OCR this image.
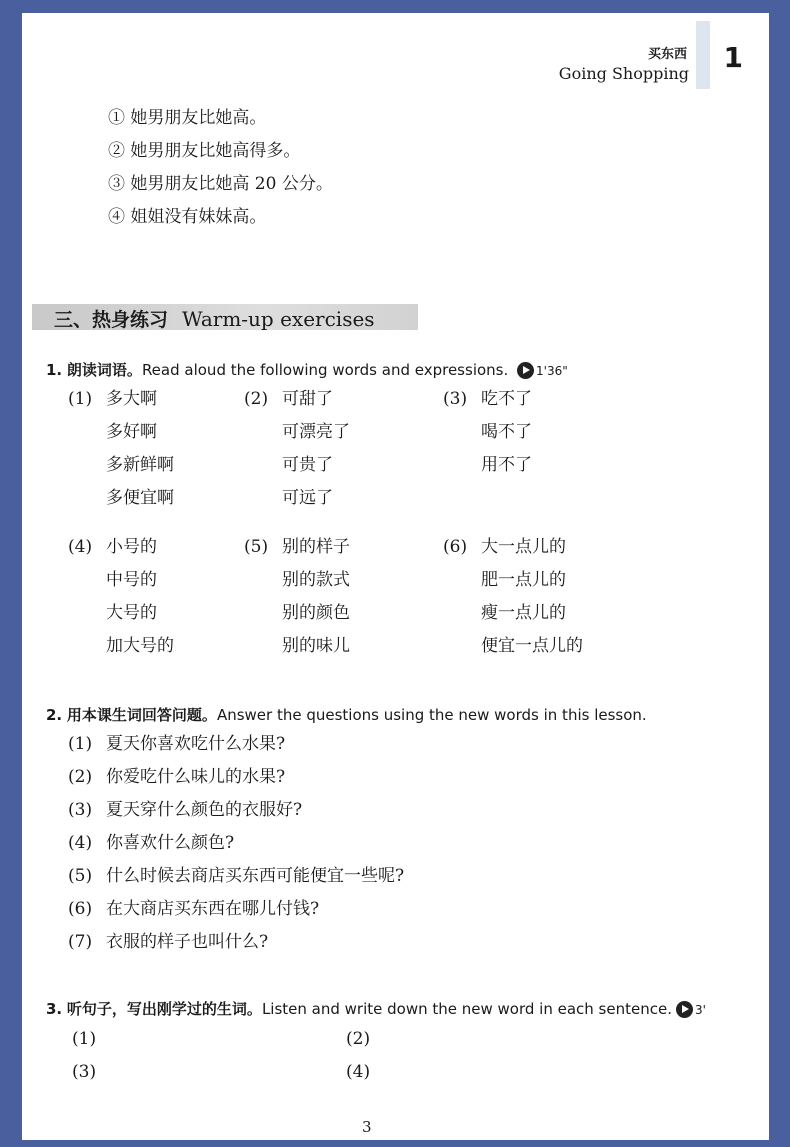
买东西
Going Shopping 1
① 她男朋友比她高。
② 她男朋友比她高得多。
③ 她男朋友比她高 20 公分。
④ 姐姐没有妹妹高。
三、热身练习 Warm-up exercises
1. 朗读词语。Read aloud the following words and expressions. 1'36"
(1) 多大啊
多好啊
多新鲜啊
多便宜啊
(2) 可甜了
可漂亮了
可贵了
可远了
(3) 吃不了
喝不了
用不了
(4) 小号的
中号的
大号的
加大号的
(5) 别的样子
别的款式
别的颜色
别的味儿
(6) 大一点儿的
肥一点儿的
瘦一点儿的
便宜一点儿的
2. 用本课生词回答问题。Answer the questions using the new words in this lesson.
(1) 夏天你喜欢吃什么水果?
(2) 你爱吃什么味儿的水果?
(3) 夏天穿什么颜色的衣服好?
(4) 你喜欢什么颜色?
(5) 什么时候去商店买东西可能便宜一些呢?
(6) 在大商店买东西在哪儿付钱?
(7) 衣服的样子也叫什么?
3. 听句子，写出刚学过的生词。Listen and write down the new word in each sentence. 3'
(1)	(2)
(3)	(4)
3
